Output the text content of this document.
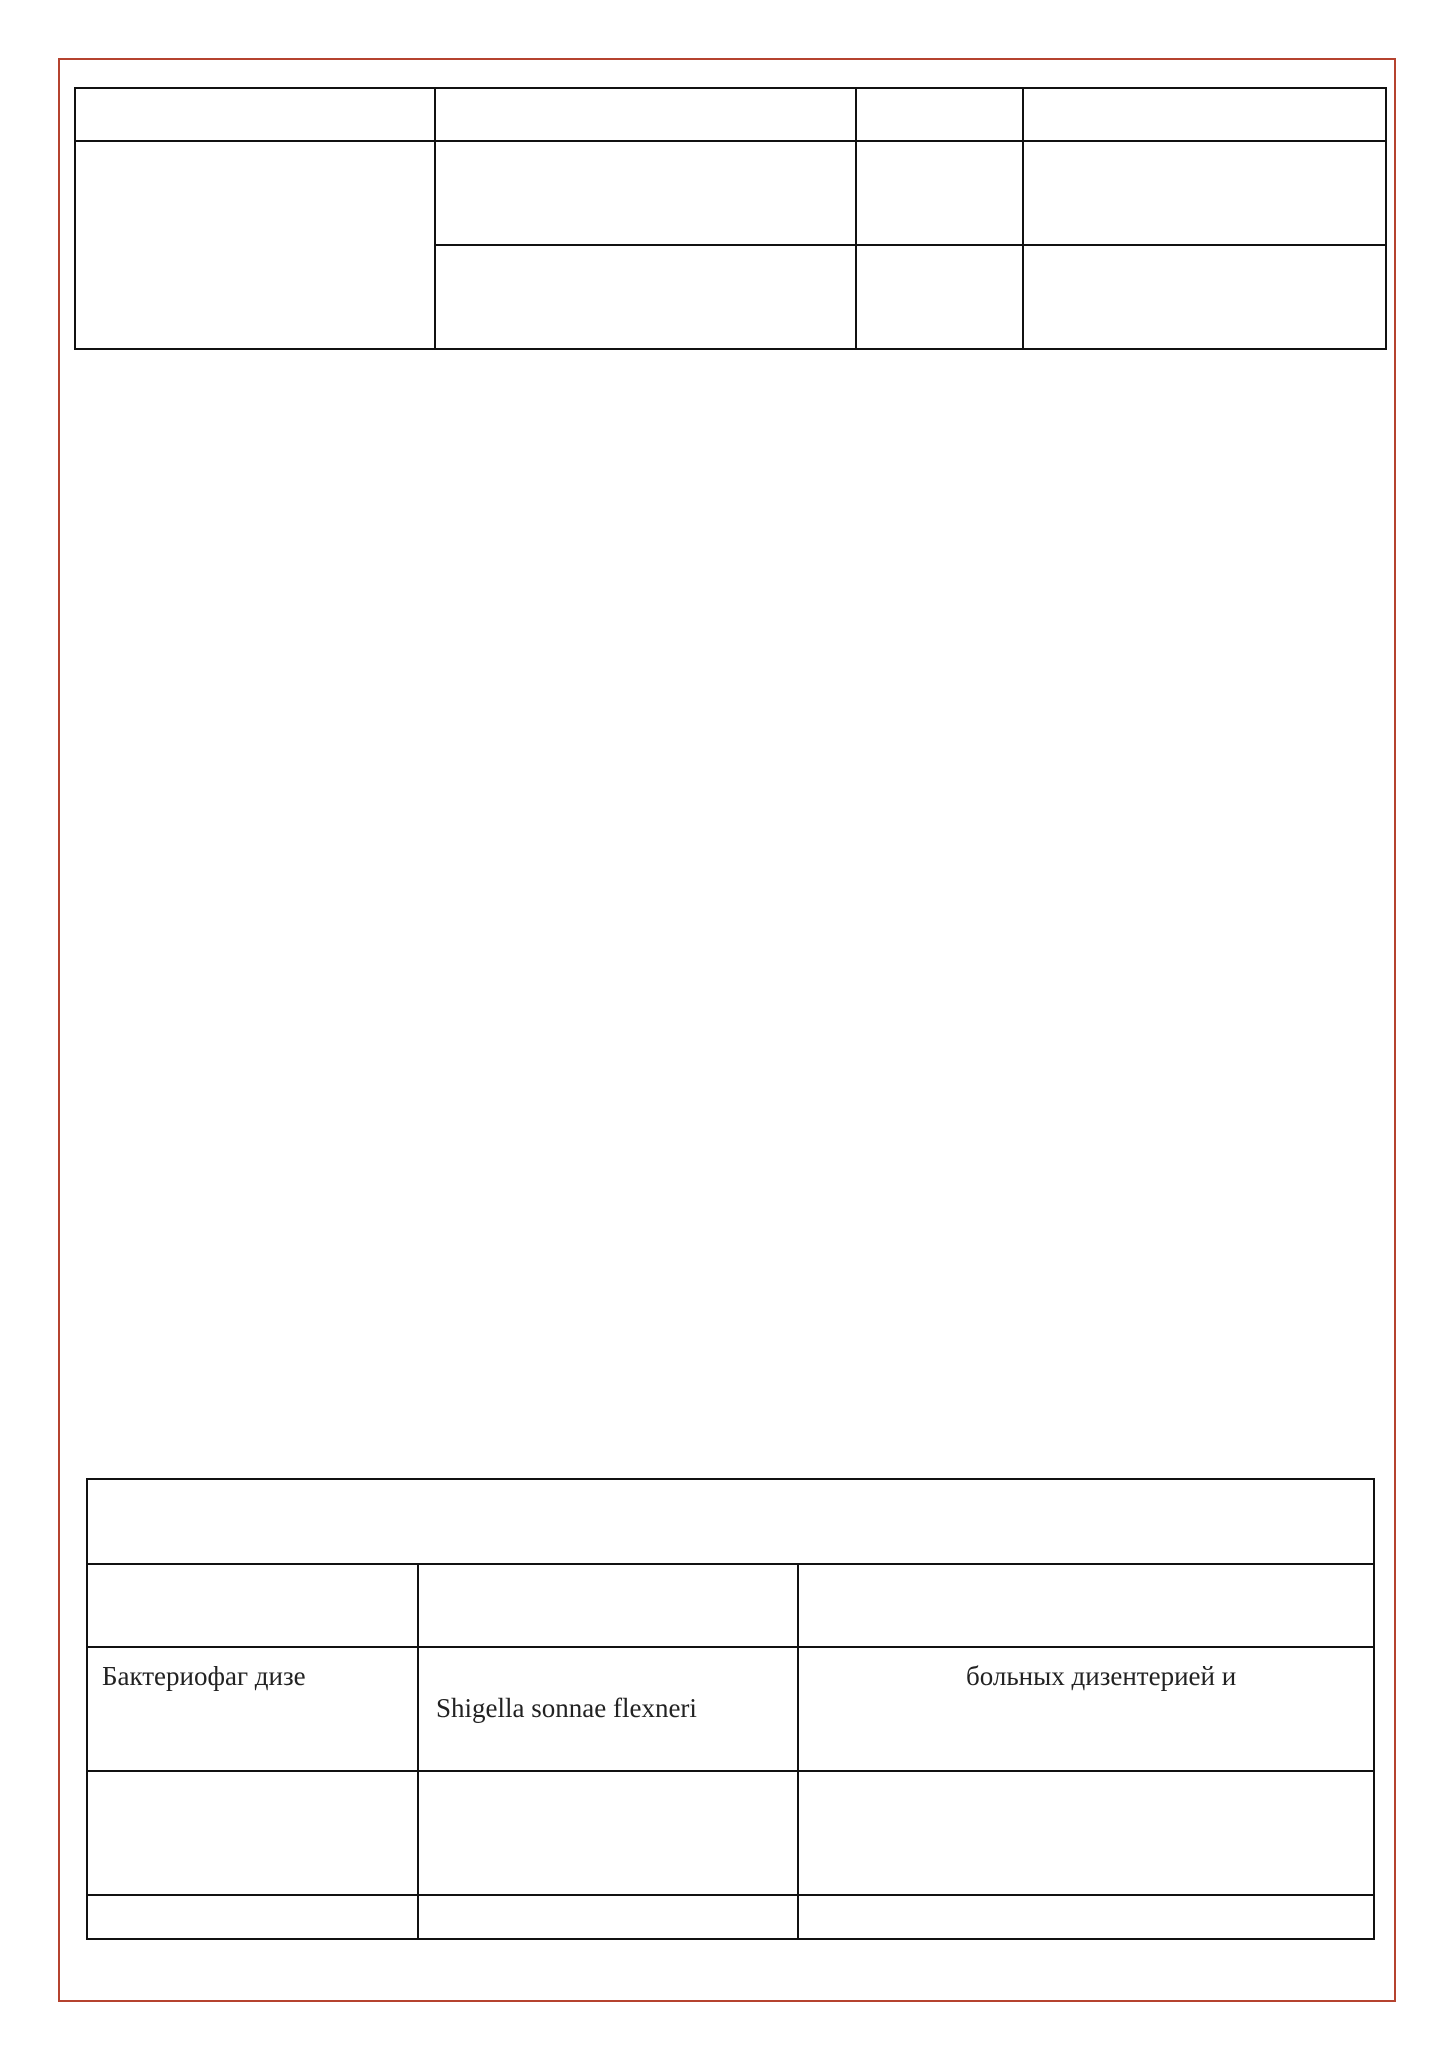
Бактериофаг дизе
Shigella sonnae flexneri
больных дизентерией и
